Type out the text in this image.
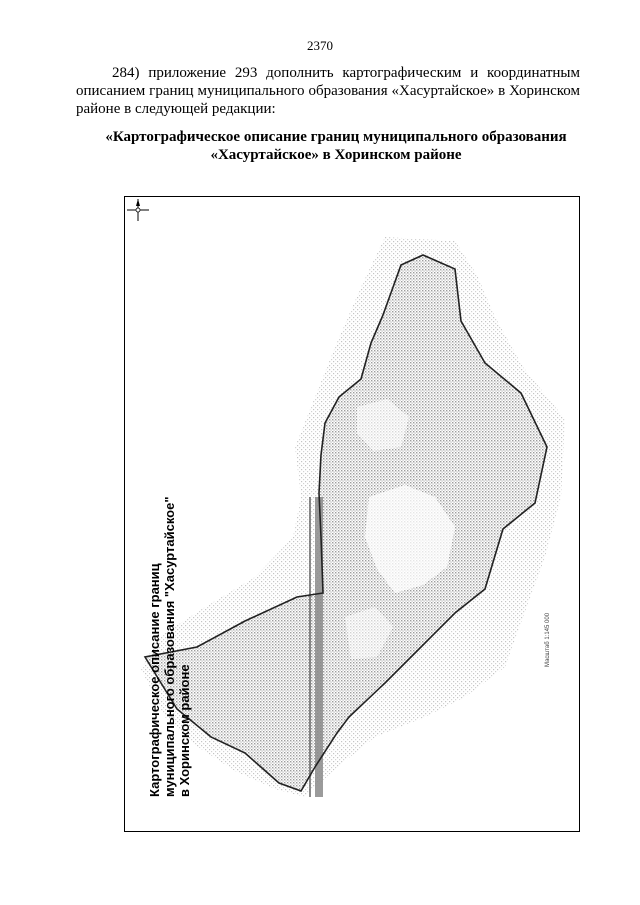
2370
284) приложение 293 дополнить картографическим и координатным описанием границ муниципального образования «Хасуртайское» в Хоринском районе в следующей редакции:
«Картографическое описание границ муниципального образования
«Хасуртайское» в Хоринском районе
Картографическое описание границ муниципального образования "Хасуртайское" в Хоринском районе
Масштаб 1:145 000
